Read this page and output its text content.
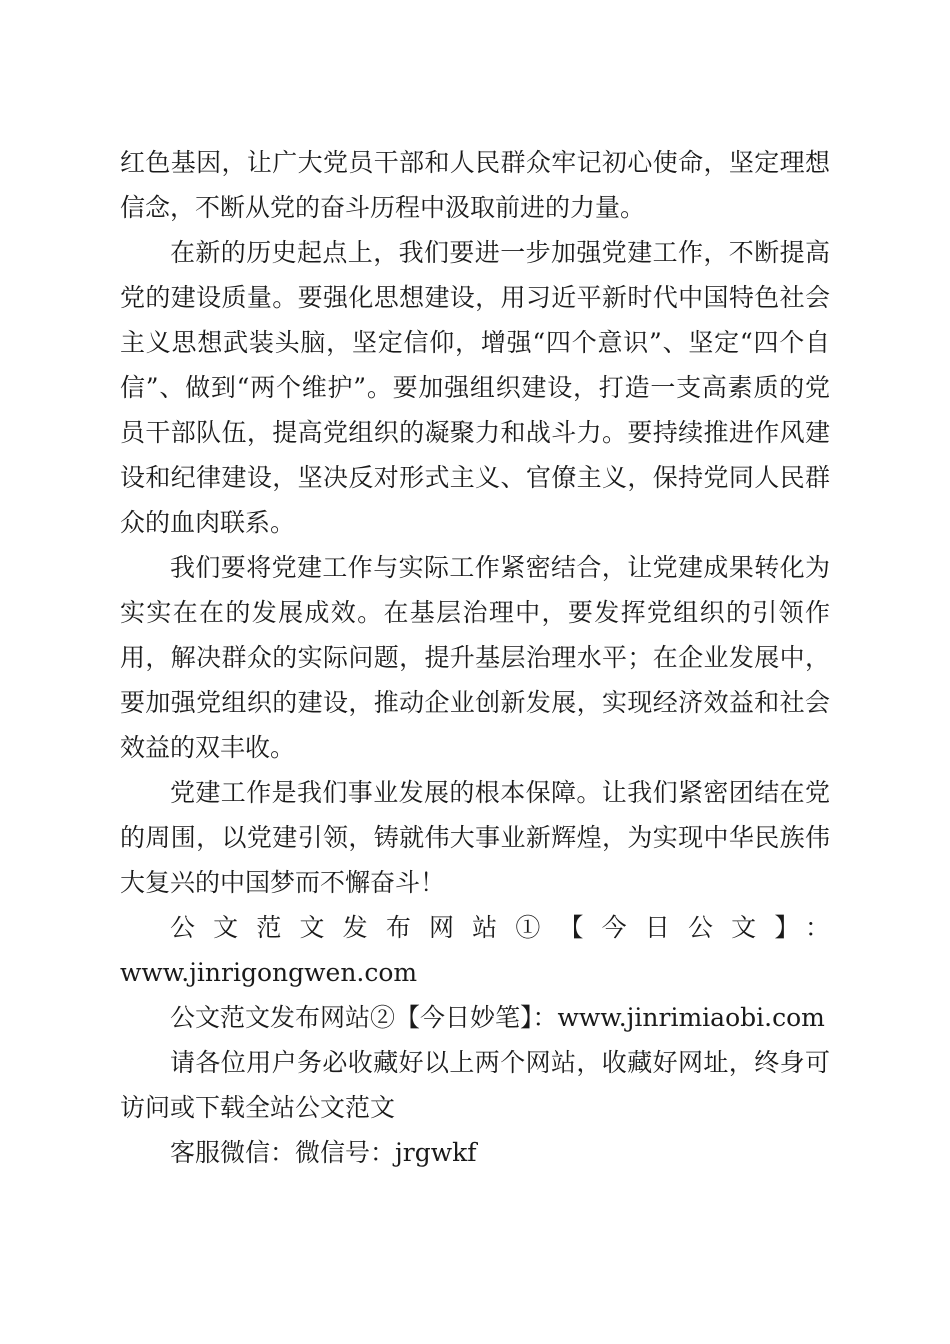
红色基因，让广大党员干部和人民群众牢记初心使命，坚定理想信念，不断从党的奋斗历程中汲取前进的力量。

在新的历史起点上，我们要进一步加强党建工作，不断提高党的建设质量。要强化思想建设，用习近平新时代中国特色社会主义思想武装头脑，坚定信仰，增强“四个意识”、坚定“四个自信”、做到“两个维护”。要加强组织建设，打造一支高素质的党员干部队伍，提高党组织的凝聚力和战斗力。要持续推进作风建设和纪律建设，坚决反对形式主义、官僚主义，保持党同人民群众的血肉联系。

我们要将党建工作与实际工作紧密结合，让党建成果转化为实实在在的发展成效。在基层治理中，要发挥党组织的引领作用，解决群众的实际问题，提升基层治理水平；在企业发展中，要加强党组织的建设，推动企业创新发展，实现经济效益和社会效益的双丰收。

党建工作是我们事业发展的根本保障。让我们紧密团结在党的周围，以党建引领，铸就伟大事业新辉煌，为实现中华民族伟大复兴的中国梦而不懈奋斗！

公文范文发布网站①【今日公文】：

www.jinrigongwen.com

公文范文发布网站②【今日妙笔】：www.jinrimiaobi.com

请各位用户务必收藏好以上两个网站，收藏好网址，终身可访问或下载全站公文范文

客服微信：微信号：jrgwkf
